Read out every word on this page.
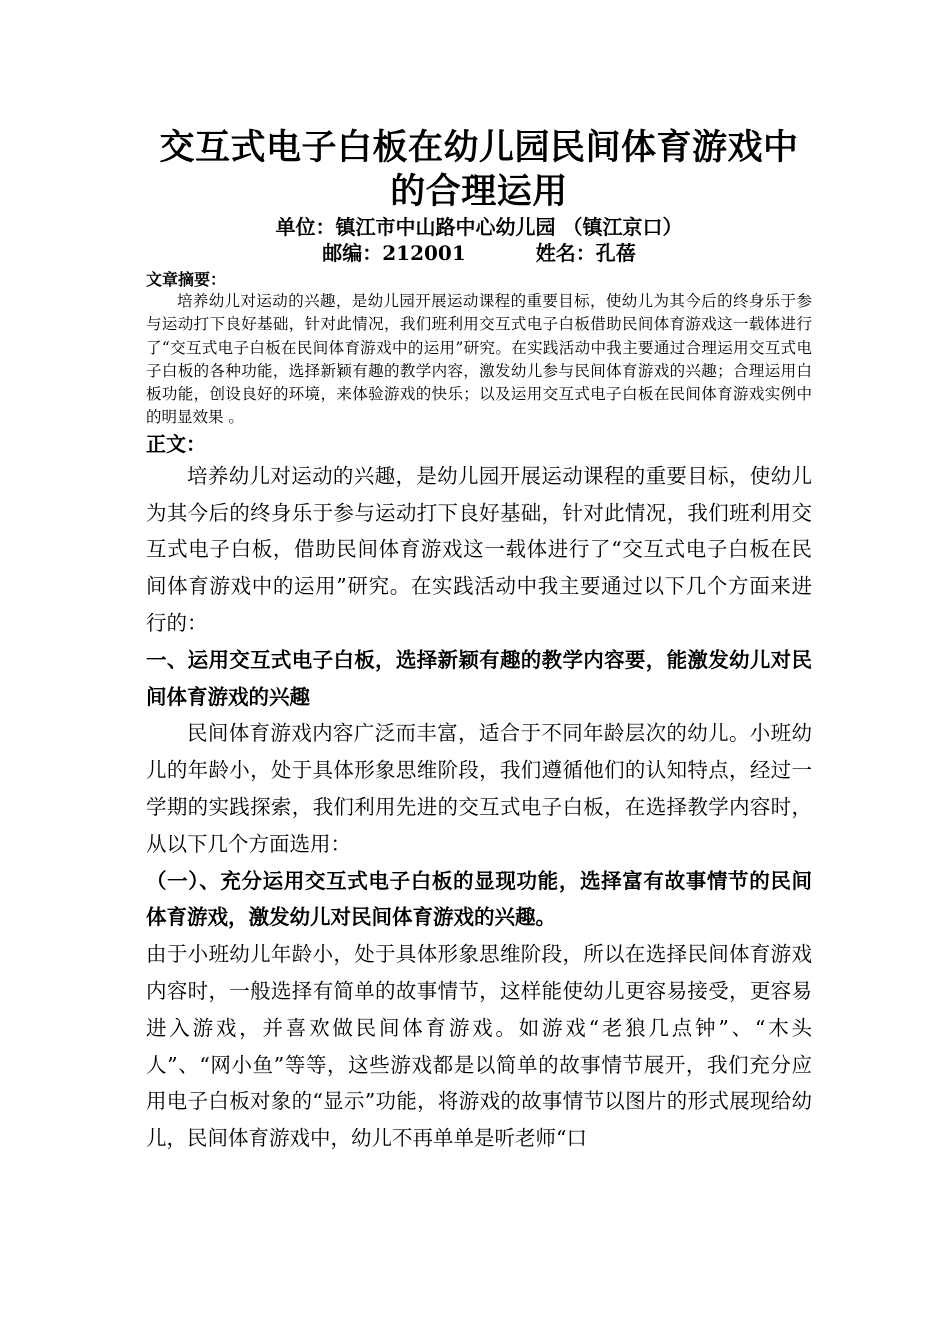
交互式电子白板在幼儿园民间体育游戏中
的合理运用

单位：镇江市中山路中心幼儿园 （镇江京口）

邮编：212001	姓名：孔蓓

文章摘要：

培养幼儿对运动的兴趣，是幼儿园开展运动课程的重要目标，使幼儿为其今后的终身乐于参与运动打下良好基础，针对此情况，我们班利用交互式电子白板借助民间体育游戏这一载体进行了“交互式电子白板在民间体育游戏中的运用”研究。在实践活动中我主要通过合理运用交互式电子白板的各种功能，选择新颖有趣的教学内容，激发幼儿参与民间体育游戏的兴趣；合理运用白板功能，创设良好的环境，来体验游戏的快乐；以及运用交互式电子白板在民间体育游戏实例中的明显效果 。

正文：

培养幼儿对运动的兴趣，是幼儿园开展运动课程的重要目标，使幼儿为其今后的终身乐于参与运动打下良好基础，针对此情况，我们班利用交互式电子白板，借助民间体育游戏这一载体进行了“交互式电子白板在民间体育游戏中的运用”研究。在实践活动中我主要通过以下几个方面来进行的：

一、运用交互式电子白板，选择新颖有趣的教学内容要，能激发幼儿对民间体育游戏的兴趣

民间体育游戏内容广泛而丰富，适合于不同年龄层次的幼儿。小班幼儿的年龄小，处于具体形象思维阶段，我们遵循他们的认知特点，经过一学期的实践探索，我们利用先进的交互式电子白板，在选择教学内容时，从以下几个方面选用：

（一）、充分运用交互式电子白板的显现功能，选择富有故事情节的民间体育游戏，激发幼儿对民间体育游戏的兴趣。

由于小班幼儿年龄小，处于具体形象思维阶段，所以在选择民间体育游戏内容时，一般选择有简单的故事情节，这样能使幼儿更容易接受，更容易进入游戏，并喜欢做民间体育游戏。如游戏“老狼几点钟”、“木头人”、“网小鱼”等等，这些游戏都是以简单的故事情节展开，我们充分应用电子白板对象的“显示”功能，将游戏的故事情节以图片的形式展现给幼儿，民间体育游戏中，幼儿不再单单是听老师“口
